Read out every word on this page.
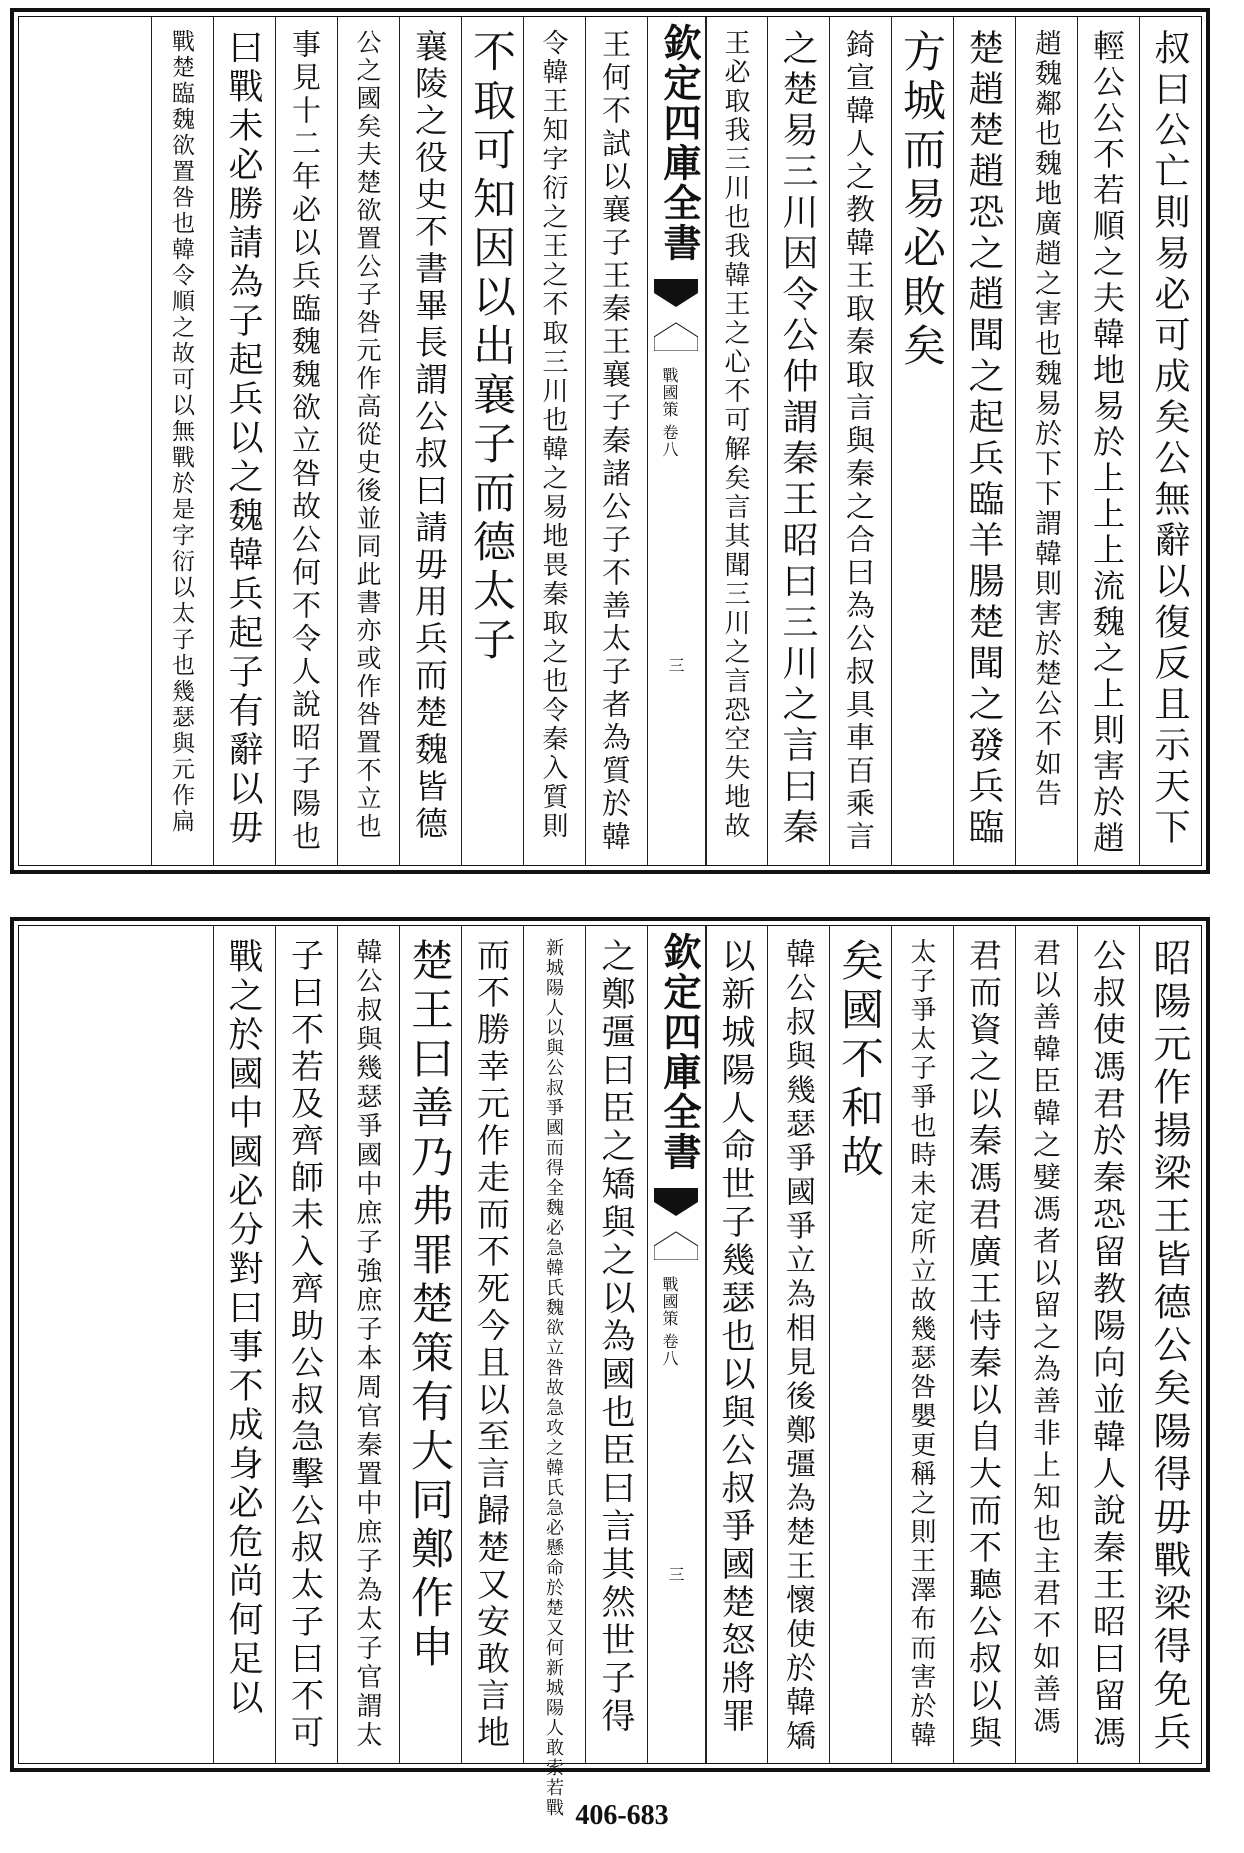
叔曰公亡則易必可成矣公無辭以復反且示天下
輕公公不若順之夫韓地易於上上上流魏之上則害於趙
趙魏鄰也魏地廣趙之害也魏易於下下謂韓則害於楚公不如告
楚趙楚趙恐之趙聞之起兵臨羊腸楚聞之發兵臨
方城而易必敗矣
錡宣韓人之教韓王取秦取言與秦之合曰為公叔具車百乘言
之楚易三川因令公仲謂秦王昭曰三川之言曰秦
王必取我三川也我韓王之心不可解矣言其聞三川之言恐空失地故
欽定四庫全書
戰國策 卷八
三
王何不試以襄子王秦王襄子秦諸公子不善太子者為質於韓
令韓王知字衍之王之不取三川也韓之易地畏秦取之也令秦入質則
不取可知因以出襄子而德太子
襄陵之役史不書畢長謂公叔曰請毋用兵而楚魏皆德
公之國矣夫楚欲置公子咎元作高從史後並同此書亦或作咎置不立也
事見十二年必以兵臨魏魏欲立咎故公何不令人說昭子陽也
曰戰未必勝請為子起兵以之魏韓兵起子有辭以毋
戰楚臨魏欲置咎也韓令順之故可以無戰於是字衍以太子也幾瑟與元作扁
昭陽元作揚梁王皆德公矣陽得毋戰梁得免兵
公叔使馮君於秦恐留教陽向並韓人說秦王昭曰留馮
君以善韓臣韓之嬖馮者以留之為善非上知也主君不如善馮
君而資之以秦馮君廣王恃秦以自大而不聽公叔以與
太子爭太子爭也時未定所立故幾瑟咎嬰更稱之則王澤布而害於韓
矣國不和故
韓公叔與幾瑟爭國爭立為相見後鄭彊為楚王懷使於韓矯
以新城陽人命世子幾瑟也以與公叔爭國楚怒將罪
欽定四庫全書
戰國策 卷八
三
之鄭彊曰臣之矯與之以為國也臣曰言其然世子得
新城陽人以與公叔爭國而得全魏必急韓氏魏欲立咎故急攻之韓氏急必懸命於楚又何新城陽人敢索若戰
而不勝幸元作走而不死今且以至言歸楚又安敢言地
楚王曰善乃弗罪楚策有大同鄭作申
韓公叔與幾瑟爭國中庶子強庶子本周官秦置中庶子為太子官謂太
子曰不若及齊師未入齊助公叔急擊公叔太子曰不可
戰之於國中國必分對曰事不成身必危尚何足以
406-683
